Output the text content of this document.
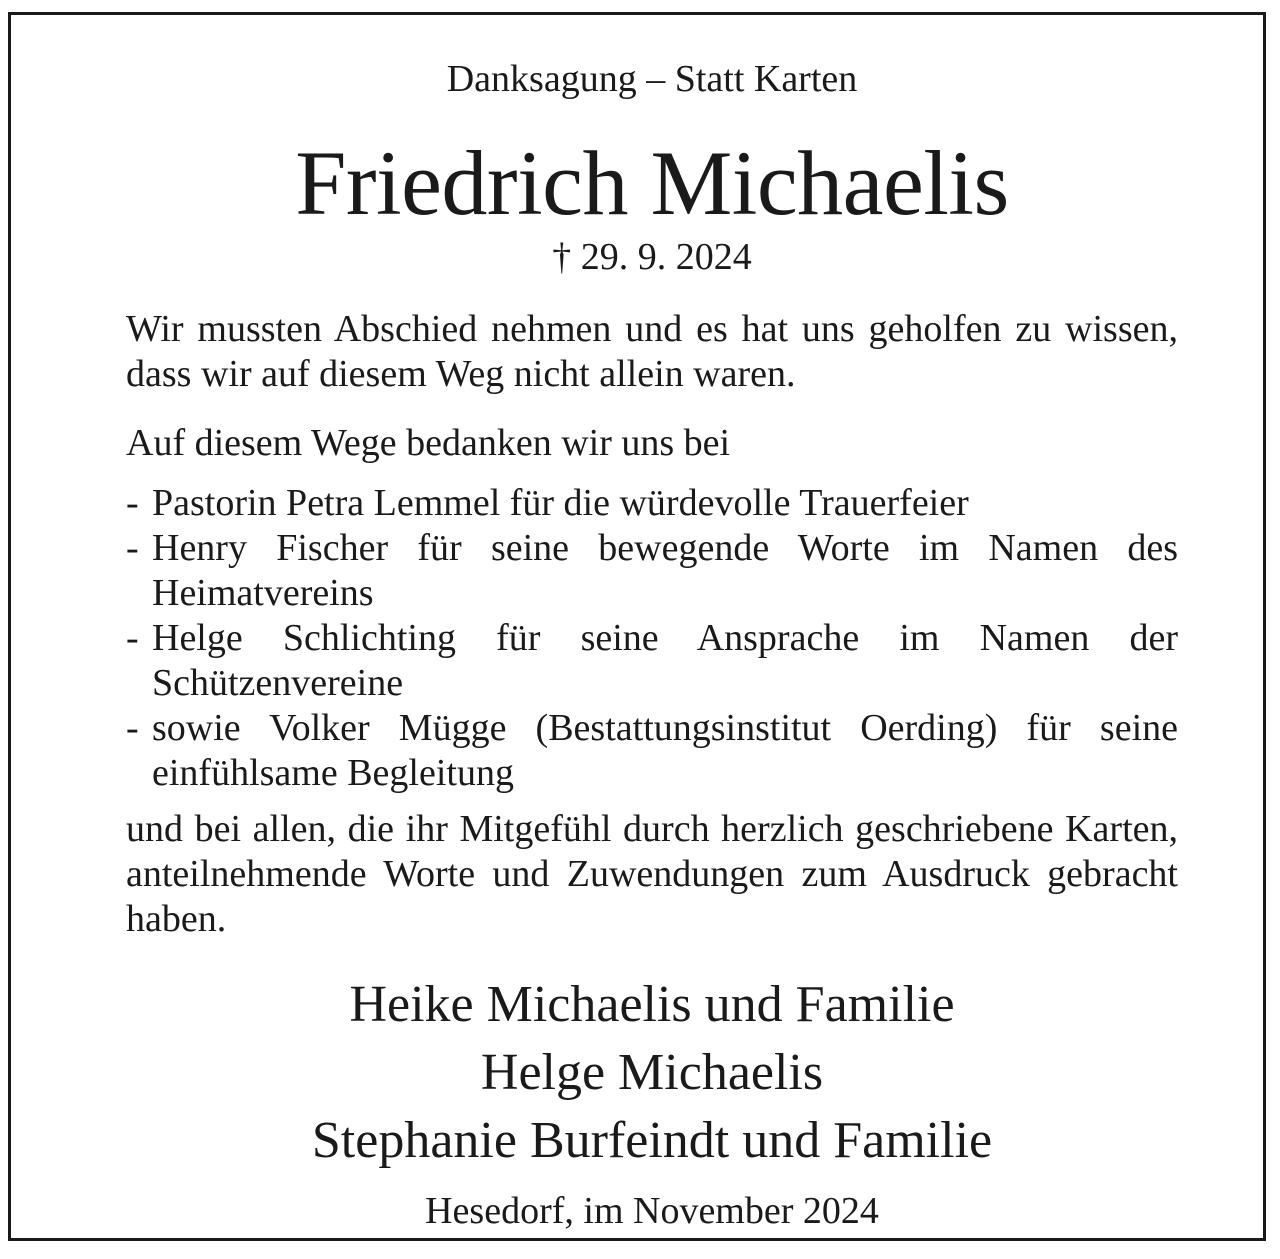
Danksagung – Statt Karten
Friedrich Michaelis
† 29. 9. 2024
Wir mussten Abschied nehmen und es hat uns geholfen zu wissen, dass wir auf diesem Weg nicht allein waren.
Auf diesem Wege bedanken wir uns bei
- Pastorin Petra Lemmel für die würdevolle Trauerfeier
- Henry Fischer für seine bewegende Worte im Namen des Heimatvereins
- Helge Schlichting für seine Ansprache im Namen der Schützenvereine
- sowie Volker Mügge (Bestattungsinstitut Oerding) für seine einfühlsame Begleitung
und bei allen, die ihr Mitgefühl durch herzlich geschriebene Karten, anteilnehmende Worte und Zuwendungen zum Ausdruck gebracht haben.
Heike Michaelis und Familie
Helge Michaelis
Stephanie Burfeindt und Familie
Hesedorf, im November 2024
